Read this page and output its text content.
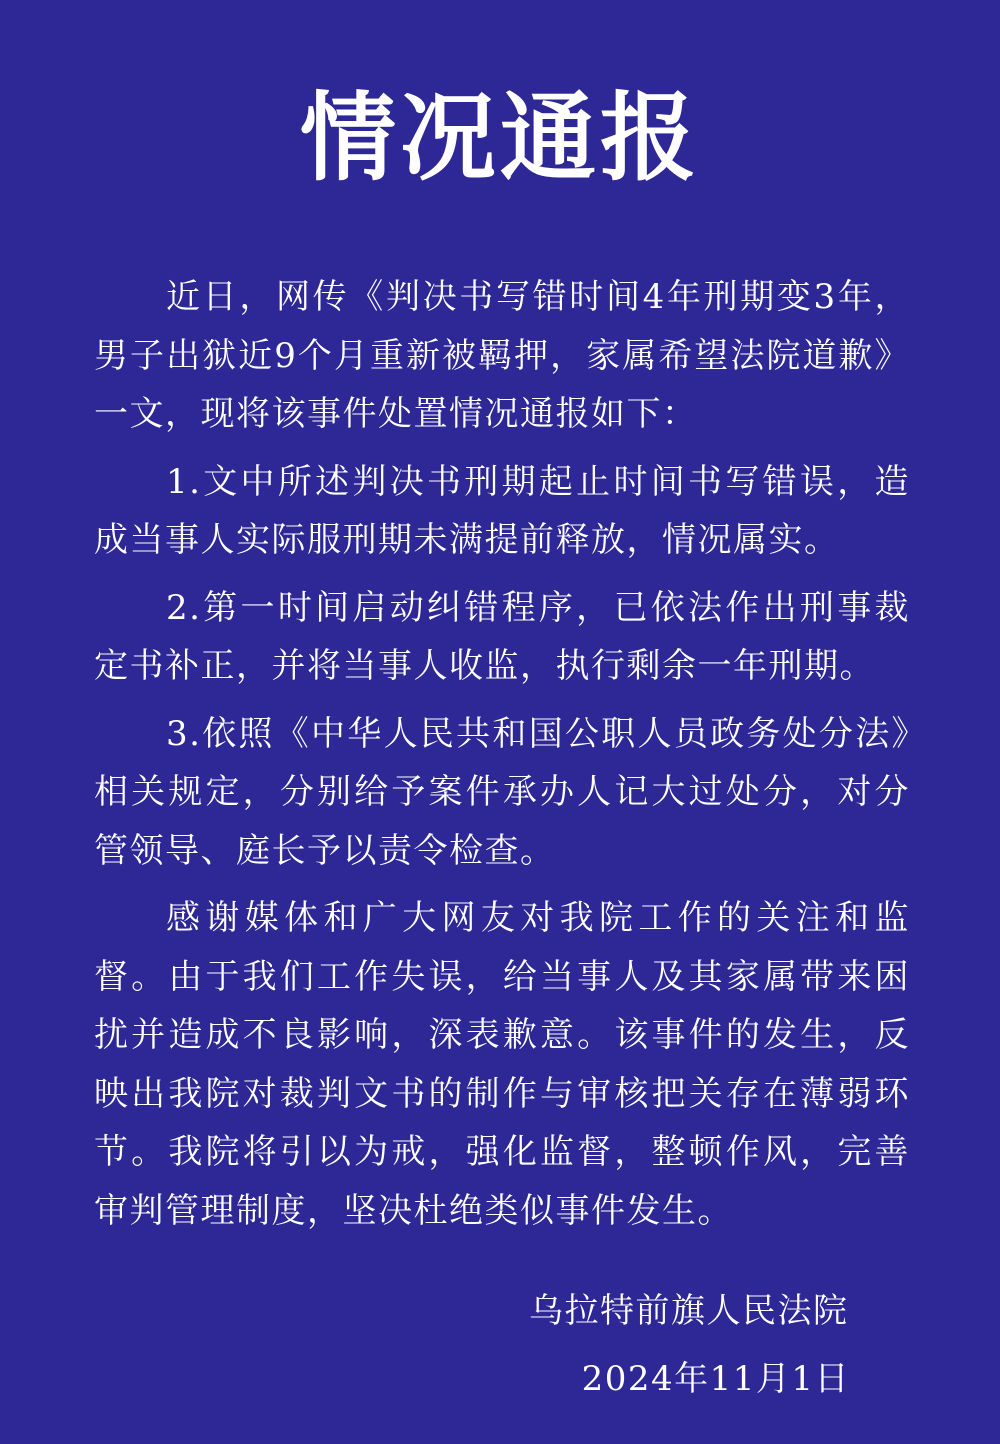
情况通报

近日，网传《判决书写错时间4年刑期变3年，男子出狱近9个月重新被羁押，家属希望法院道歉》一文，现将该事件处置情况通报如下：

1.文中所述判决书刑期起止时间书写错误，造成当事人实际服刑期未满提前释放，情况属实。

2.第一时间启动纠错程序，已依法作出刑事裁定书补正，并将当事人收监，执行剩余一年刑期。

3.依照《中华人民共和国公职人员政务处分法》相关规定，分别给予案件承办人记大过处分，对分管领导、庭长予以责令检查。

感谢媒体和广大网友对我院工作的关注和监督。由于我们工作失误，给当事人及其家属带来困扰并造成不良影响，深表歉意。该事件的发生，反映出我院对裁判文书的制作与审核把关存在薄弱环节。我院将引以为戒，强化监督，整顿作风，完善审判管理制度，坚决杜绝类似事件发生。

乌拉特前旗人民法院
2024年11月1日
